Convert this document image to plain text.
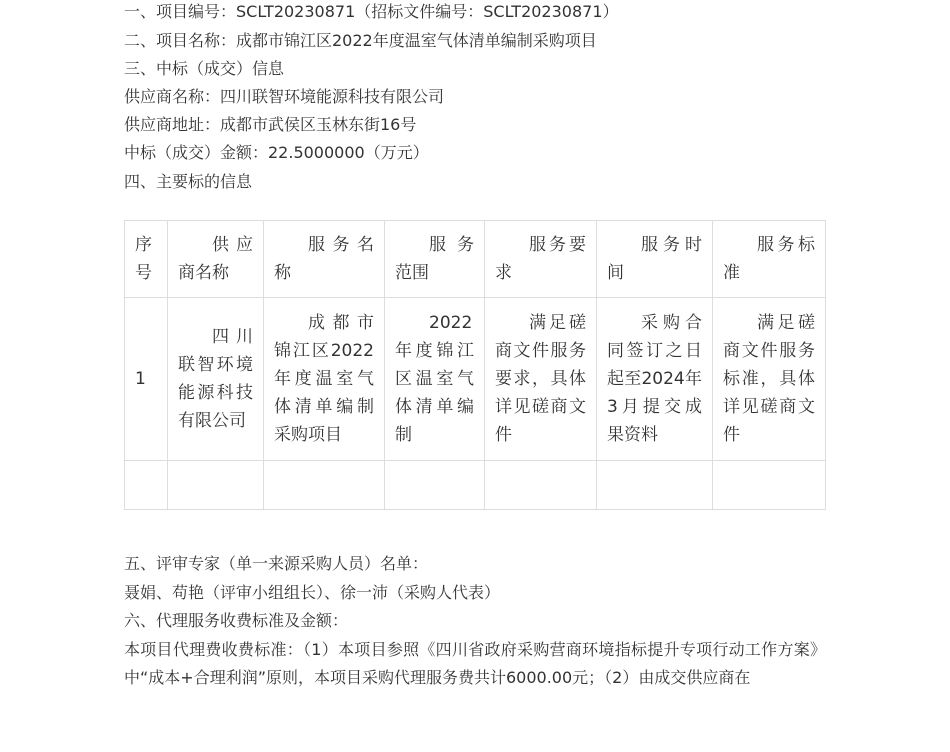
一、项目编号：SCLT20230871（招标文件编号：SCLT20230871）
二、项目名称：成都市锦江区2022年度温室气体清单编制采购项目
三、中标（成交）信息
供应商名称：四川联智环境能源科技有限公司
供应商地址：成都市武侯区玉林东街16号
中标（成交）金额：22.5000000（万元）
四、主要标的信息
序号	供应商名称	服务名称	服务范围	服务要求	服务时间	服务标准
1	四川联智环境能源科技有限公司	成都市锦江区2022年度温室气体清单编制采购项目	2022年度锦江区温室气体清单编制	满足磋商文件服务要求，具体详见磋商文件	采购合同签订之日起至2024年3月提交成果资料	满足磋商文件服务标准，具体详见磋商文件

五、评审专家（单一来源采购人员）名单：
聂娟、苟艳（评审小组组长）、徐一沛（采购人代表）
六、代理服务收费标准及金额：
本项目代理费收费标准：（1）本项目参照《四川省政府采购营商环境指标提升专项行动工作方案》中“成本+合理利润”原则，本项目采购代理服务费共计6000.00元；（2）由成交供应商在
